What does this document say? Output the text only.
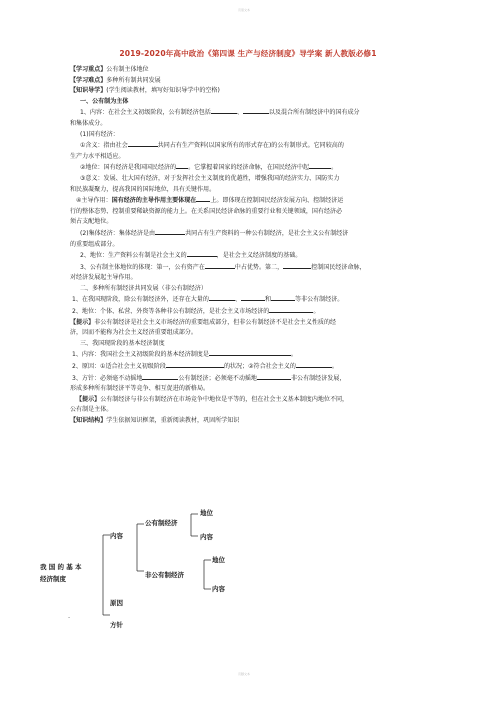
页眉文本
页脚文本
2019-2020年高中政治《第四课 生产与经济制度》导学案 新人教版必修1
【学习重点】公有制主体地位
【学习难点】多种所有制共同发展
【知识导学】(学生阅读教材，填写好知识导学中的空格)
一、公有制为主体
1、内容：在社会主义初级阶段，公有制经济包括	、	以及混合所有制经济中的国有成分
和集体成分。
(1)国有经济：
①含义：指由社会	共同占有生产资料(以国家所有的形式存在)的公有制形式。它同较高的
生产力水平相适应。
②地位：国有经济是我国国民经济的 。它掌握着国家的经济命脉，在国民经济中起	。
③意义：发展、壮大国有经济，对于发挥社会主义制度的优越性，增强我国的经济实力、国防实力
和民族凝聚力，提高我国的国际地位，具有关键作用。
④主导作用：国有经济的主导作用主要体现在 上。即体现在控制国民经济发展方向、控制经济运
行的整体态势、控制重要稀缺资源的能力上。在关系国民经济命脉的重要行业和关键领域，国有经济必
须占支配地位。
(2)集体经济：集体经济是由	共同占有生产资料的一种公有制经济，是社会主义公有制经济
的重要组成部分。
2、地位：生产资料公有制是社会主义的	，是社会主义经济制度的基础。
3、公有制主体地位的体现：第一，公有资产在	中占优势。第二，	控制国民经济命脉，
对经济发展起主导作用。
二、多种所有制经济共同发展（非公有制经济）
1、在我国现阶段，除公有制经济外，还存在大量的	、	和	等非公有制经济。
2、地位：个体、私营、外资等各种非公有制经济，是社会主义市场经济的	。
【提示】非公有制经济是社会主义市场经济的重要组成部分，但非公有制经济不是社会主义性质的经
济，因而不能称为社会主义经济重要组成部分。
三、我国现阶段的基本经济制度
1、内容：我国社会主义初级阶段的基本经济制度是	。
2、原因：①适合社会主义初级阶段	的状况；②符合社会主义的	。
3、方针：必须毫不动摇地	公有制经济；必须毫不动摇地	非公有制经济发展，
形成多种所有制经济平等竞争、相互促进的新格局。
【提示】公有制经济与非公有制经济在市场竞争中地位是平等的，但在社会主义基本制度内地位不同，
公有制是主体。
【知识结构】学生依据知识框架，重新阅读教材，巩固所学知识
我 国 的 基 本
经济制度
内容
公有制经济
地位
内容
非公有制经济
地位
内容
原因
方针
·
